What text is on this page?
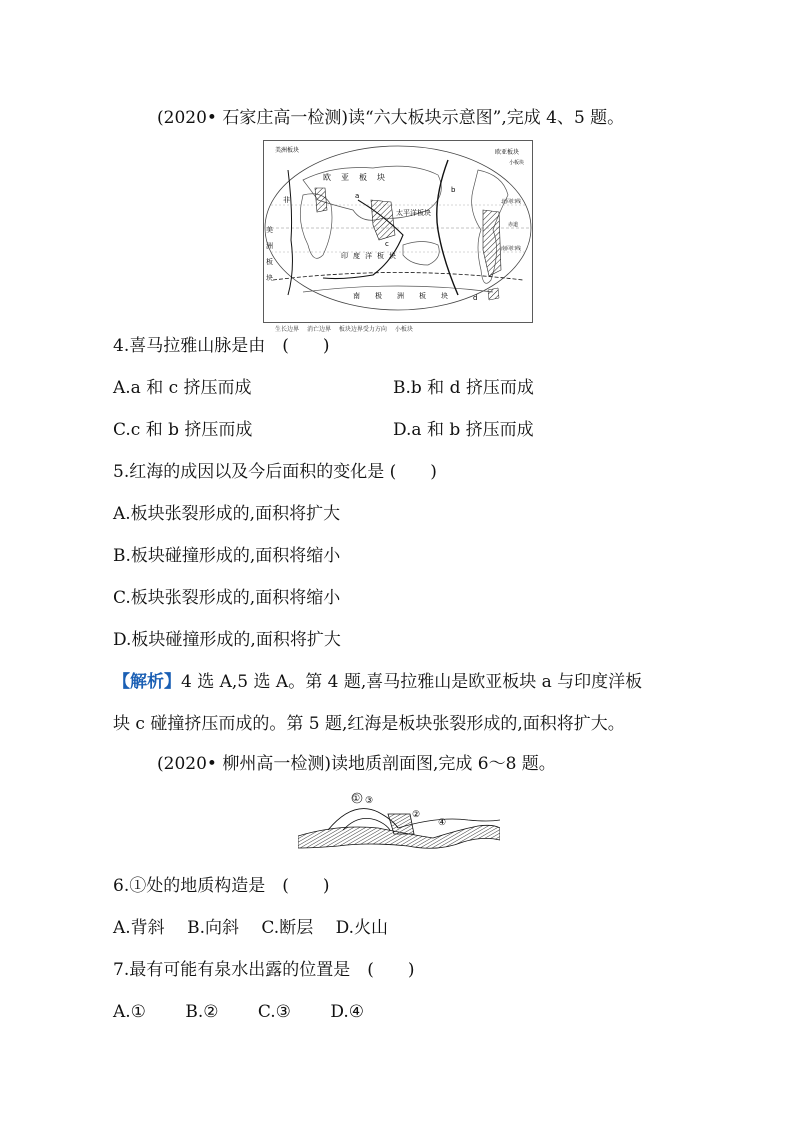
(2020• 石家庄高一检测)读“六大板块示意图”,完成 4、5 题。
美洲板块	欧亚板块
小板块
欧 亚 板 块
太平洋板块
非
美
洲
板
块
印 度 洋 板 块
南 极 洲 板 块
赤道
北回归线
南回归线
a
b
c
d
生长边界 　 消亡边界 　 板块边界受力方向 　 小板块
4.喜马拉雅山脉是由　(　　)
A.a 和 c 挤压而成	B.b 和 d 挤压而成
C.c 和 b 挤压而成	D.a 和 b 挤压而成
5.红海的成因以及今后面积的变化是 (　　)
A.板块张裂形成的,面积将扩大
B.板块碰撞形成的,面积将缩小
C.板块张裂形成的,面积将缩小
D.板块碰撞形成的,面积将扩大
【解析】4 选 A,5 选 A。第 4 题,喜马拉雅山是欧亚板块 a 与印度洋板
块 c 碰撞挤压而成的。第 5 题,红海是板块张裂形成的,面积将扩大。
(2020• 柳州高一检测)读地质剖面图,完成 6～8 题。
① ③
②
④
6.①处的地质构造是　(　　)
A.背斜　 B.向斜　 C.断层　 D.火山
7.最有可能有泉水出露的位置是　(　　)
A.①　　 B.②　　 C.③　　 D.④
